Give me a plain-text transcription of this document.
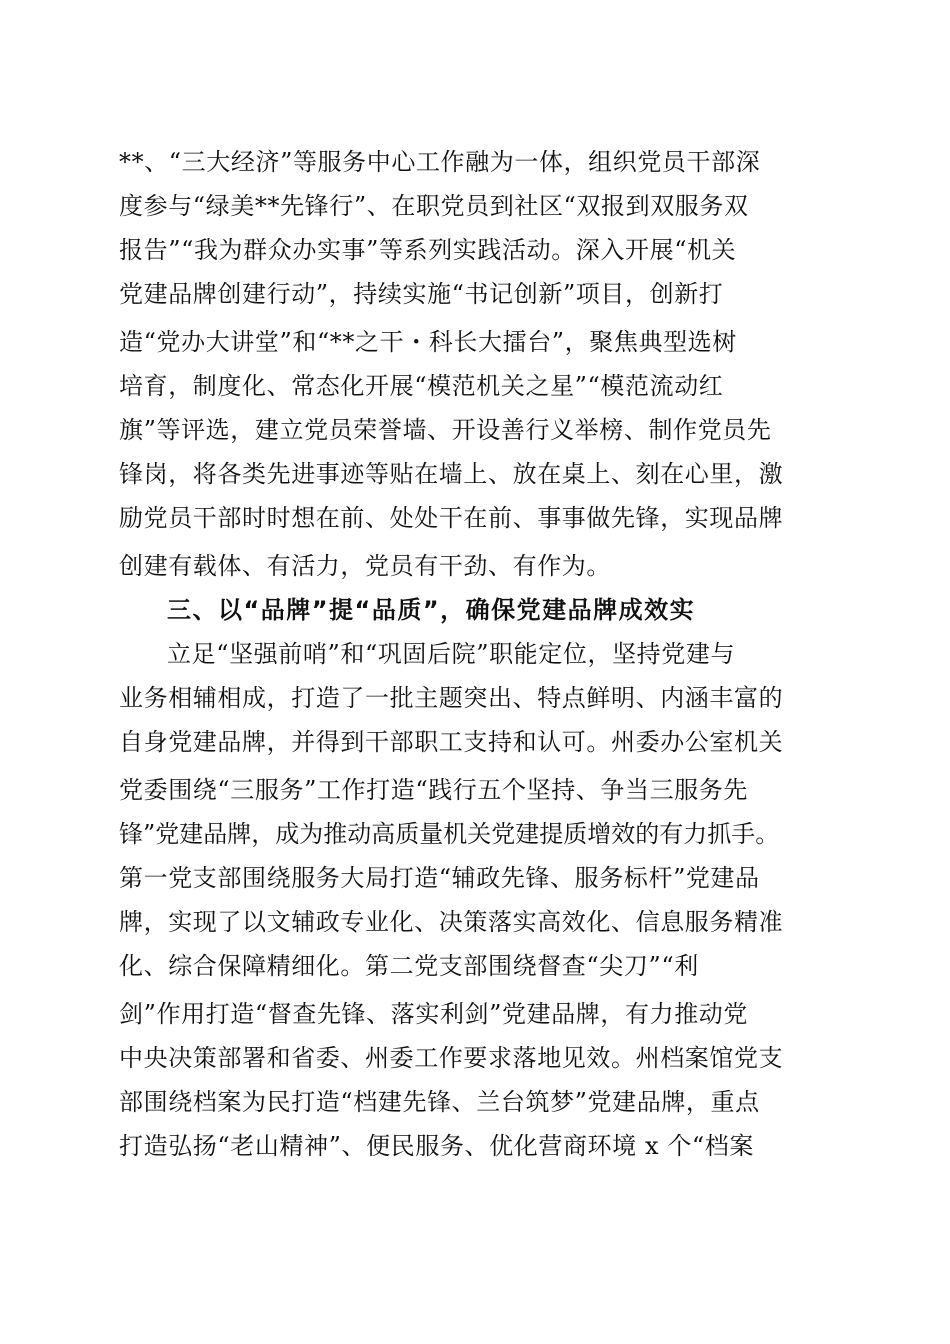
**、“三大经济”等服务中心工作融为一体，组织党员干部深
度参与“绿美**先锋行”、在职党员到社区“双报到双服务双
报告”“我为群众办实事”等系列实践活动。深入开展“机关
党建品牌创建行动”，持续实施“书记创新”项目，创新打
造“党办大讲堂”和“**之干・科长大擂台”，聚焦典型选树
培育，制度化、常态化开展“模范机关之星”“模范流动红
旗”等评选，建立党员荣誉墙、开设善行义举榜、制作党员先
锋岗，将各类先进事迹等贴在墙上、放在桌上、刻在心里，激
励党员干部时时想在前、处处干在前、事事做先锋，实现品牌
创建有载体、有活力，党员有干劲、有作为。
三、以“品牌”提“品质”，确保党建品牌成效实
立足“坚强前哨”和“巩固后院”职能定位，坚持党建与
业务相辅相成，打造了一批主题突出、特点鲜明、内涵丰富的
自身党建品牌，并得到干部职工支持和认可。州委办公室机关
党委围绕“三服务”工作打造“践行五个坚持、争当三服务先
锋”党建品牌，成为推动高质量机关党建提质增效的有力抓手。
第一党支部围绕服务大局打造“辅政先锋、服务标杆”党建品
牌，实现了以文辅政专业化、决策落实高效化、信息服务精准
化、综合保障精细化。第二党支部围绕督查“尖刀”“利
剑”作用打造“督查先锋、落实利剑”党建品牌，有力推动党
中央决策部署和省委、州委工作要求落地见效。州档案馆党支
部围绕档案为民打造“档建先锋、兰台筑梦”党建品牌，重点
打造弘扬“老山精神”、便民服务、优化营商环境 x 个“档案
